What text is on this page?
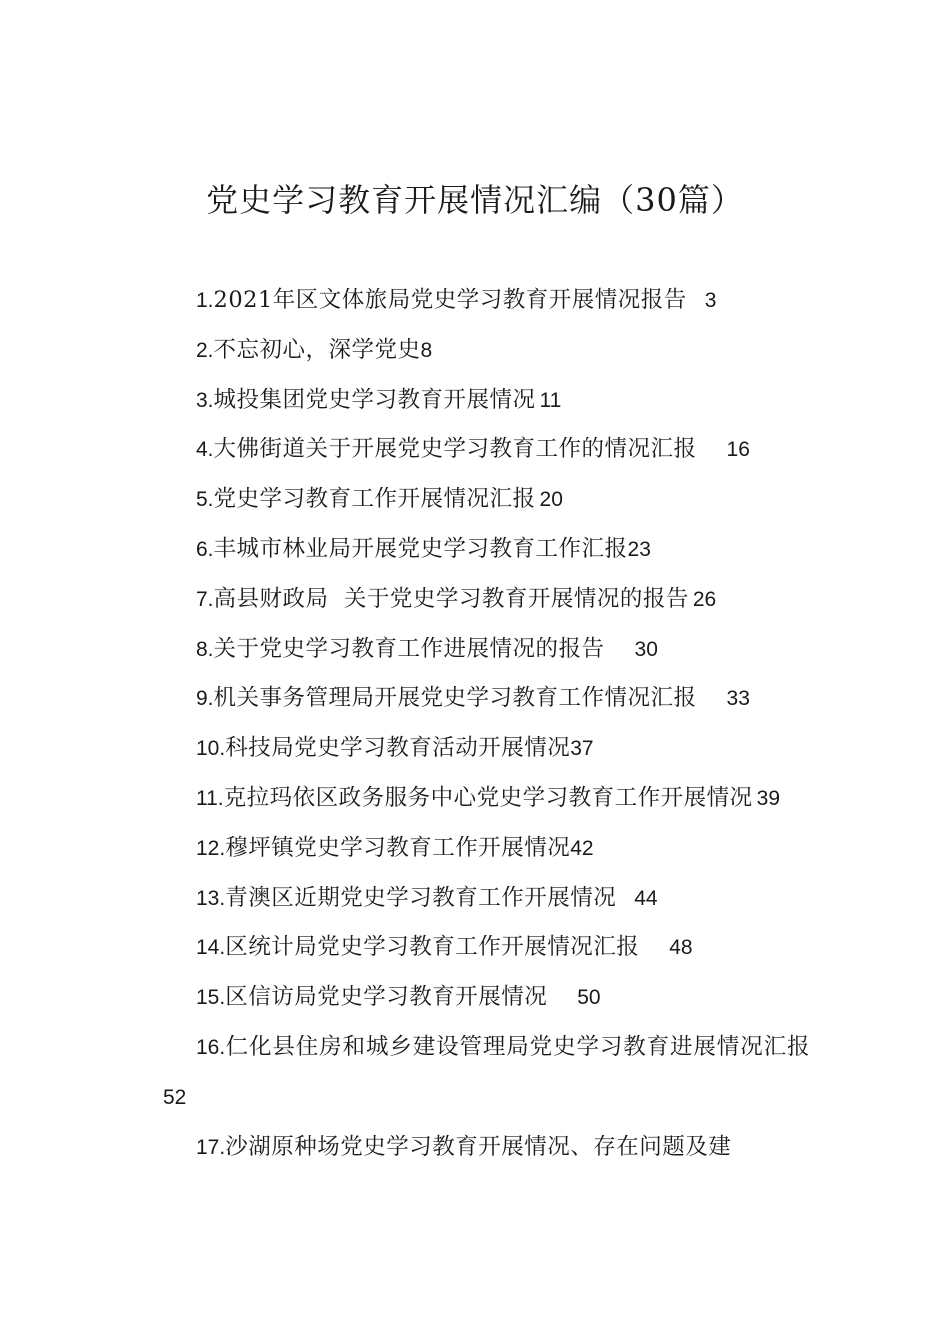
党史学习教育开展情况汇编（30篇）
1.2021年区文体旅局党史学习教育开展情况报告 3
2.不忘初心，深学党史8
3.城投集团党史学习教育开展情况 11
4.大佛街道关于开展党史学习教育工作的情况汇报 16
5.党史学习教育工作开展情况汇报 20
6.丰城市林业局开展党史学习教育工作汇报23
7.高县财政局  关于党史学习教育开展情况的报告 26
8.关于党史学习教育工作进展情况的报告 30
9.机关事务管理局开展党史学习教育工作情况汇报 33
10.科技局党史学习教育活动开展情况37
11.克拉玛依区政务服务中心党史学习教育工作开展情况 39
12.穆坪镇党史学习教育工作开展情况42
13.青澳区近期党史学习教育工作开展情况 44
14.区统计局党史学习教育工作开展情况汇报 48
15.区信访局党史学习教育开展情况 50
16.仁化县住房和城乡建设管理局党史学习教育进展情况汇报52
17.沙湖原种场党史学习教育开展情况、存在问题及建
